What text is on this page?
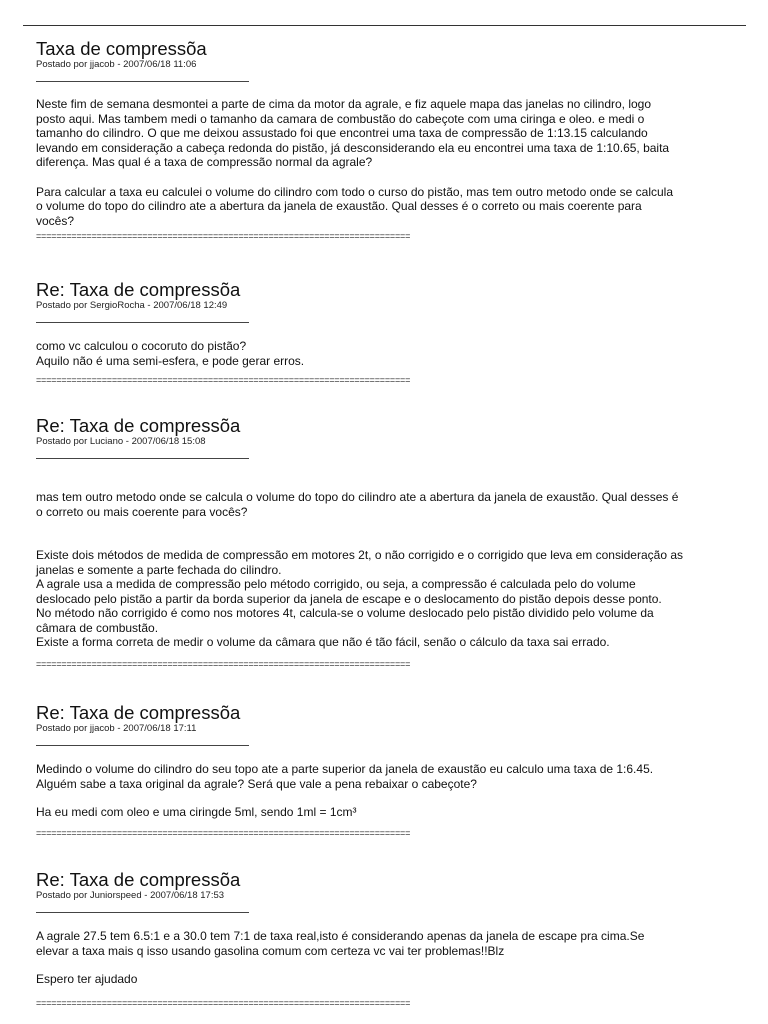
Taxa de compressõa

Postado por jjacob - 2007/06/18 11:06

Neste fim de semana desmontei a parte de cima da motor da agrale, e fiz aquele mapa das janelas no cilindro, logo
posto aqui. Mas tambem medi o tamanho da camara de combustão do cabeçote com uma ciringa e oleo. e medi o
tamanho do cilindro. O que me deixou assustado foi que encontrei uma taxa de compressão de 1:13.15 calculando
levando em consideração a cabeça redonda do pistão, já desconsiderando ela eu encontrei uma taxa de 1:10.65, baita
diferença. Mas qual é a taxa de compressão normal da agrale?

Para calcular a taxa eu calculei o volume do cilindro com todo o curso do pistão, mas tem outro metodo onde se calcula
o volume do topo do cilindro ate a abertura da janela de exaustão. Qual desses é o correto ou mais coerente para
vocês?

==========================================================================
Re: Taxa de compressõa

Postado por SergioRocha - 2007/06/18 12:49

como vc calculou o cocoruto do pistão?
Aquilo não é uma semi-esfera, e pode gerar erros.

==========================================================================
Re: Taxa de compressõa

Postado por Luciano - 2007/06/18 15:08

mas tem outro metodo onde se calcula o volume do topo do cilindro ate a abertura da janela de exaustão. Qual desses é
o correto ou mais coerente para vocês?

Existe dois métodos de medida de compressão em motores 2t, o não corrigido e o corrigido que leva em consideração as
janelas e somente a parte fechada do cilindro.
A agrale usa a medida de compressão pelo método corrigido, ou seja, a compressão é calculada pelo do volume
deslocado pelo pistão a partir da borda superior da janela de escape e o deslocamento do pistão depois desse ponto.
No método não corrigido é como nos motores 4t, calcula-se o volume deslocado pelo pistão dividido pelo volume da
câmara de combustão.
Existe a forma correta de medir o volume da câmara que não é tão fácil, senão o cálculo da taxa sai errado.

==========================================================================
Re: Taxa de compressõa

Postado por jjacob - 2007/06/18 17:11

Medindo o volume do cilindro do seu topo ate a parte superior da janela de exaustão eu calculo uma taxa de 1:6.45.
Alguém sabe a taxa original da agrale? Será que vale a pena rebaixar o cabeçote?

Ha eu medi com oleo e uma ciringde 5ml, sendo 1ml = 1cm³

==========================================================================
Re: Taxa de compressõa

Postado por Juniorspeed - 2007/06/18 17:53

A agrale 27.5 tem 6.5:1 e a 30.0 tem 7:1 de taxa real,isto é considerando apenas da janela de escape pra cima.Se
elevar a taxa mais q isso usando gasolina comum com certeza vc vai ter problemas!!Blz

Espero ter ajudado

==========================================================================
